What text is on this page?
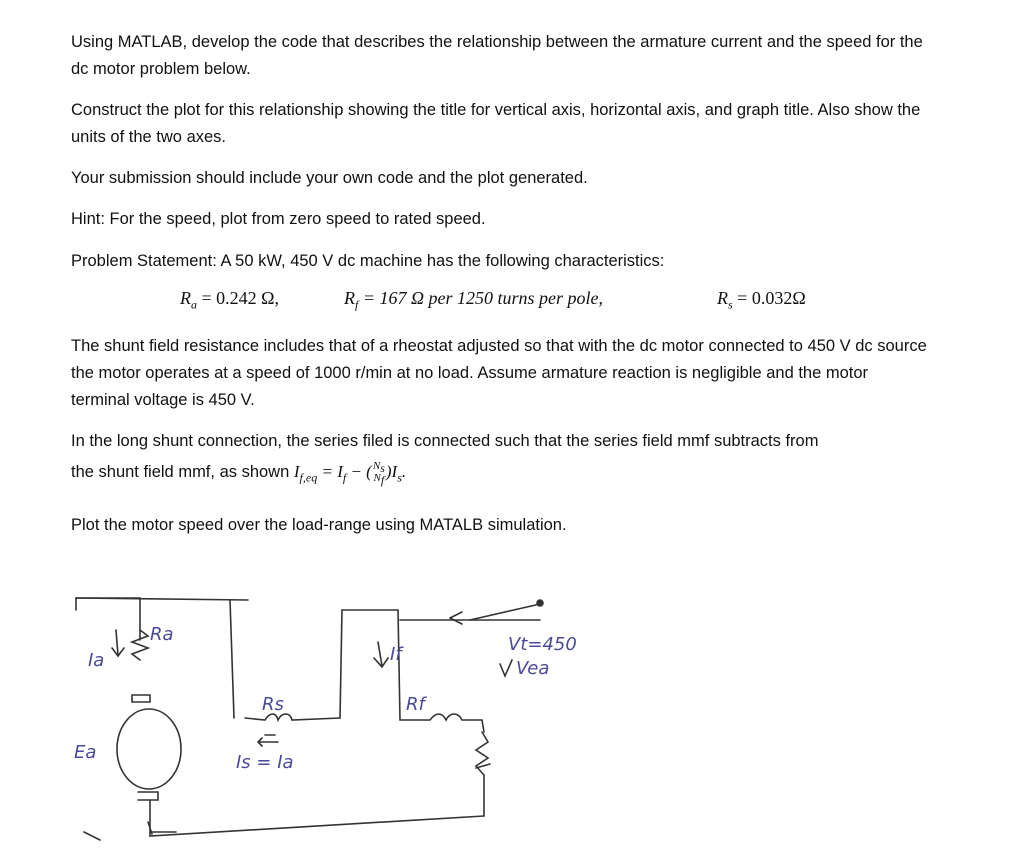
Using MATLAB, develop the code that describes the relationship between the armature current and the speed for the dc motor problem below.

Construct the plot for this relationship showing the title for vertical axis, horizontal axis, and graph title. Also show the units of the two axes.

Your submission should include your own code and the plot generated.

Hint: For the speed, plot from zero speed to rated speed.

Problem Statement: A 50 kW, 450 V dc machine has the following characteristics:

$R_a = 0.242$ Ω,	$R_f = 167$ Ω per 1250 turns per pole,	$R_s = 0.032\Omega$

The shunt field resistance includes that of a rheostat adjusted so that with the dc motor connected to 450 V dc source the motor operates at a speed of 1000 r/min at no load. Assume armature reaction is negligible and the motor terminal voltage is 450 V.

In the long shunt connection, the series filed is connected such that the series field mmf subtracts from

the shunt field mmf, as shown $I_{f,eq} = I_f$ − ( $N_s$
$N_f$ )$I_s$.

Plot the motor speed over the load-range using MATALB simulation.

Ra
Ia
Ea
Rs
Is = Ia
If
Rf
Vt=450
Vea
